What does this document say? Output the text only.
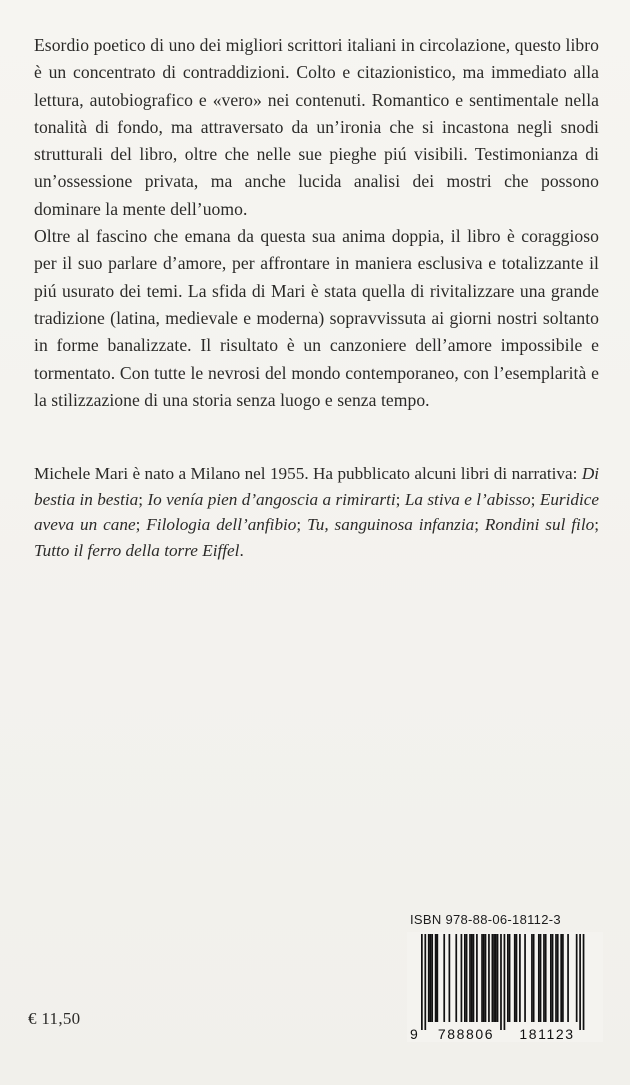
Esordio poetico di uno dei migliori scrittori italiani in circolazione, questo libro è un concentrato di contraddizioni. Colto e citazionistico, ma immediato alla lettura, autobiografico e «vero» nei contenuti. Romantico e sentimentale nella tonalità di fondo, ma attraversato da un’ironia che si incastona negli snodi strutturali del libro, oltre che nelle sue pieghe piú visibili. Testimonianza di un’ossessione privata, ma anche lucida analisi dei mostri che possono dominare la mente dell’uomo.

Oltre al fascino che emana da questa sua anima doppia, il libro è coraggioso per il suo parlare d’amore, per affrontare in maniera esclusiva e totalizzante il piú usurato dei temi. La sfida di Mari è stata quella di rivitalizzare una grande tradizione (latina, medievale e moderna) sopravvissuta ai giorni nostri soltanto in forme banalizzate. Il risultato è un canzoniere dell’amore impossibile e tormentato. Con tutte le nevrosi del mondo contemporaneo, con l’esemplarità e la stilizzazione di una storia senza luogo e senza tempo.

Michele Mari è nato a Milano nel 1955. Ha pubblicato alcuni libri di narrativa: Di bestia in bestia; Io venía pien d’angoscia a rimirarti; La stiva e l’abisso; Euridice aveva un cane; Filologia dell’anfibio; Tu, sanguinosa infanzia; Rondini sul filo; Tutto il ferro della torre Eiffel.

ISBN 978-88-06-18112-3
9 788806 181123
€ 11,50
